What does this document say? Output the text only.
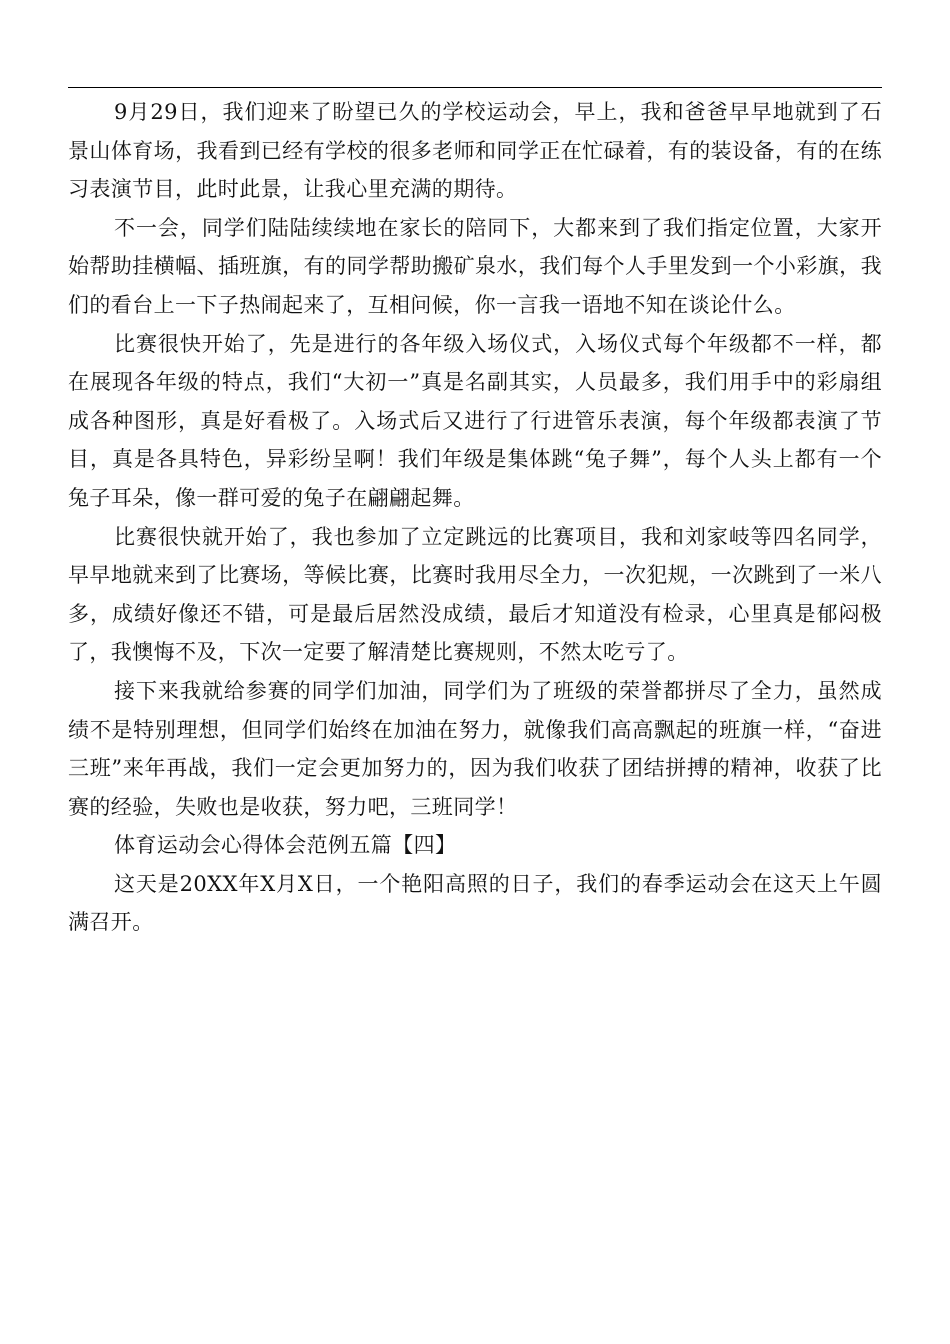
9月29日，我们迎来了盼望已久的学校运动会，早上，我和爸爸早早地就到了石景山体育场，我看到已经有学校的很多老师和同学正在忙碌着，有的装设备，有的在练习表演节目，此时此景，让我心里充满的期待。

不一会，同学们陆陆续续地在家长的陪同下，大都来到了我们指定位置，大家开始帮助挂横幅、插班旗，有的同学帮助搬矿泉水，我们每个人手里发到一个小彩旗，我们的看台上一下子热闹起来了，互相问候，你一言我一语地不知在谈论什么。

比赛很快开始了，先是进行的各年级入场仪式，入场仪式每个年级都不一样，都在展现各年级的特点，我们“大初一”真是名副其实，人员最多，我们用手中的彩扇组成各种图形，真是好看极了。入场式后又进行了行进管乐表演，每个年级都表演了节目，真是各具特色，异彩纷呈啊！我们年级是集体跳“兔子舞”，每个人头上都有一个兔子耳朵，像一群可爱的兔子在翩翩起舞。

比赛很快就开始了，我也参加了立定跳远的比赛项目，我和刘家岐等四名同学，早早地就来到了比赛场，等候比赛，比赛时我用尽全力，一次犯规，一次跳到了一米八多，成绩好像还不错，可是最后居然没成绩，最后才知道没有检录，心里真是郁闷极了，我懊悔不及，下次一定要了解清楚比赛规则，不然太吃亏了。

接下来我就给参赛的同学们加油，同学们为了班级的荣誉都拼尽了全力，虽然成绩不是特别理想，但同学们始终在加油在努力，就像我们高高飘起的班旗一样，“奋进三班”来年再战，我们一定会更加努力的，因为我们收获了团结拼搏的精神，收获了比赛的经验，失败也是收获，努力吧，三班同学！

体育运动会心得体会范例五篇【四】

这天是20XX年X月X日，一个艳阳高照的日子，我们的春季运动会在这天上午圆满召开。
